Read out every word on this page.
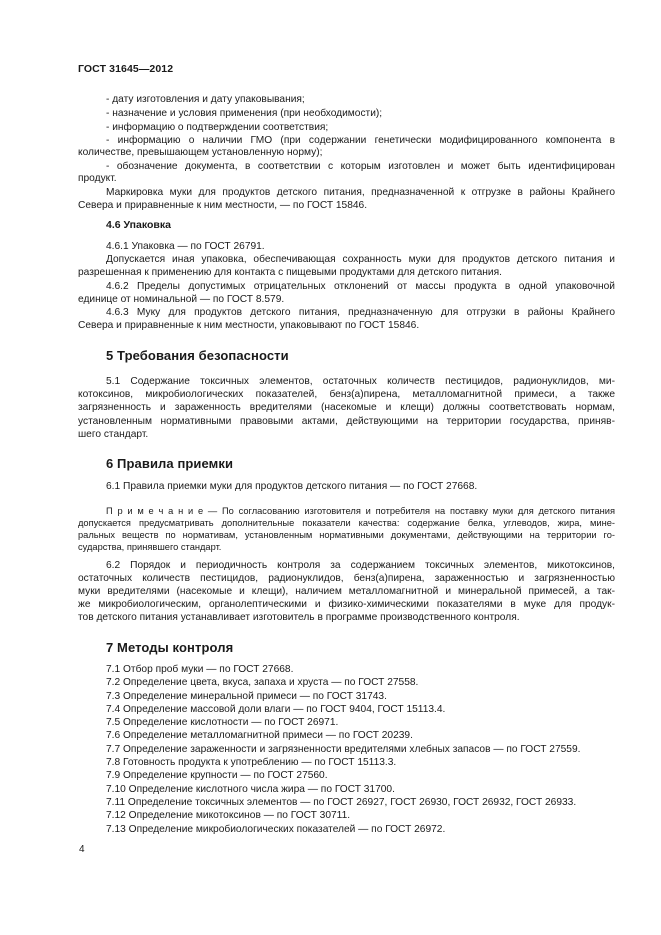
ГОСТ 31645—2012
- дату изготовления и дату упаковывания;
- назначение и условия применения (при необходимости);
- информацию о подтверждении соответствия;
- информацию о наличии ГМО (при содержании генетически модифицированного компонента в
количестве, превышающем установленную норму);
- обозначение документа, в соответствии с которым изготовлен и может быть идентифицирован
продукт.
Маркировка муки для продуктов детского питания, предназначенной к отгрузке в районы Крайнего
Севера и приравненные к ним местности, — по ГОСТ 15846.
4.6.1 Упаковка — по ГОСТ 26791.
Допускается иная упаковка, обеспечивающая сохранность муки для продуктов детского питания и
разрешенная к применению для контакта с пищевыми продуктами для детского питания.
4.6.2 Пределы допустимых отрицательных отклонений от массы продукта в одной упаковочной
единице от номинальной — по ГОСТ 8.579.
4.6.3 Муку для продуктов детского питания, предназначенную для отгрузки в районы Крайнего
Севера и приравненные к ним местности, упаковывают по ГОСТ 15846.
5.1 Содержание токсичных элементов, остаточных количеств пестицидов, радионуклидов, ми-
котоксинов, микробиологических показателей, бенз(а)пирена, металломагнитной примеси, а также
загрязненность и зараженность вредителями (насекомые и клещи) должны соответствовать нормам,
установленным нормативными правовыми актами, действующими на территории государства, приняв-
шего стандарт.
6.1 Правила приемки муки для продуктов детского питания — по ГОСТ 27668.
П р и м е ч а н и е — По согласованию изготовителя и потребителя на поставку муки для детского питания
допускается предусматривать дополнительные показатели качества: содержание белка, углеводов, жира, мине-
ральных веществ по нормативам, установленным нормативными документами, действующими на территории го-
сударства, принявшего стандарт.
6.2 Порядок и периодичность контроля за содержанием токсичных элементов, микотоксинов,
остаточных количеств пестицидов, радионуклидов, бенз(а)пирена, зараженностью и загрязненностью
муки вредителями (насекомые и клещи), наличием металломагнитной и минеральной примесей, а так-
же микробиологическим, органолептическими и физико-химическими показателями в муке для продук-
тов детского питания устанавливает изготовитель в программе производственного контроля.
7.1 Отбор проб муки — по ГОСТ 27668.
7.2 Определение цвета, вкуса, запаха и хруста — по ГОСТ 27558.
7.3 Определение минеральной примеси — по ГОСТ 31743.
7.4 Определение массовой доли влаги — по ГОСТ 9404, ГОСТ 15113.4.
7.5 Определение кислотности — по ГОСТ 26971.
7.6 Определение металломагнитной примеси — по ГОСТ 20239.
7.7 Определение зараженности и загрязненности вредителями хлебных запасов — по ГОСТ 27559.
7.8 Готовность продукта к употреблению — по ГОСТ 15113.3.
7.9 Определение крупности — по ГОСТ 27560.
7.10 Определение кислотного числа жира — по ГОСТ 31700.
7.11 Определение токсичных элементов — по ГОСТ 26927, ГОСТ 26930, ГОСТ 26932, ГОСТ 26933.
7.12 Определение микотоксинов — по ГОСТ 30711.
7.13 Определение микробиологических показателей — по ГОСТ 26972.
4.6 Упаковка
5 Требования безопасности
6 Правила приемки
7 Методы контроля
4
